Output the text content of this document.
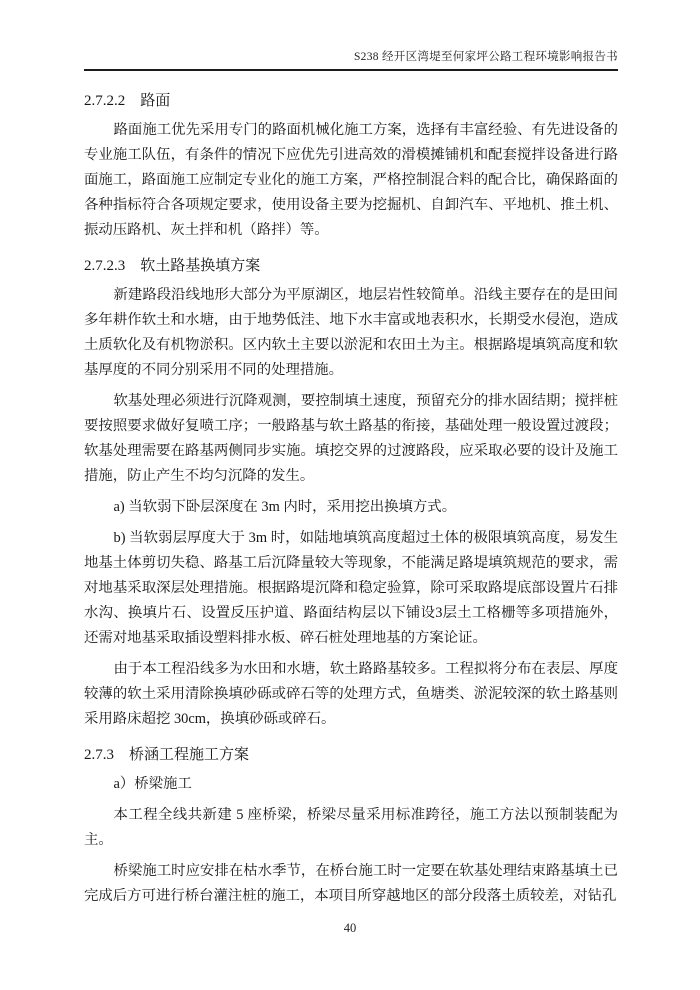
S238 经开区湾堤至何家坪公路工程环境影响报告书
2.7.2.2　路面

路面施工优先采用专门的路面机械化施工方案，选择有丰富经验、有先进设备的专业施工队伍，有条件的情况下应优先引进高效的滑模摊铺机和配套搅拌设备进行路面施工，路面施工应制定专业化的施工方案，严格控制混合料的配合比，确保路面的各种指标符合各项规定要求，使用设备主要为挖掘机、自卸汽车、平地机、推土机、振动压路机、灰土拌和机（路拌）等。

2.7.2.3　软土路基换填方案

新建路段沿线地形大部分为平原湖区，地层岩性较简单。沿线主要存在的是田间多年耕作软土和水塘，由于地势低洼、地下水丰富或地表积水，长期受水侵泡，造成土质软化及有机物淤积。区内软土主要以淤泥和农田土为主。根据路堤填筑高度和软基厚度的不同分别采用不同的处理措施。

软基处理必须进行沉降观测，要控制填土速度，预留充分的排水固结期；搅拌桩要按照要求做好复喷工序；一般路基与软土路基的衔接，基础处理一般设置过渡段；软基处理需要在路基两侧同步实施。填挖交界的过渡路段，应采取必要的设计及施工措施，防止产生不均匀沉降的发生。

a) 当软弱下卧层深度在 3m 内时，采用挖出换填方式。

b) 当软弱层厚度大于 3m 时，如陆地填筑高度超过土体的极限填筑高度，易发生地基土体剪切失稳、路基工后沉降量较大等现象，不能满足路堤填筑规范的要求，需对地基采取深层处理措施。根据路堤沉降和稳定验算，除可采取路堤底部设置片石排水沟、换填片石、设置反压护道、路面结构层以下铺设3层土工格栅等多项措施外，还需对地基采取插设塑料排水板、碎石桩处理地基的方案论证。

由于本工程沿线多为水田和水塘，软土路路基较多。工程拟将分布在表层、厚度较薄的软土采用清除换填砂砾或碎石等的处理方式，鱼塘类、淤泥较深的软土路基则采用路床超挖 30cm，换填砂砾或碎石。

2.7.3　桥涵工程施工方案

a）桥梁施工

本工程全线共新建 5 座桥梁，桥梁尽量采用标准跨径，施工方法以预制装配为主。

桥梁施工时应安排在枯水季节，在桥台施工时一定要在软基处理结束路基填土已完成后方可进行桥台灌注桩的施工，本项目所穿越地区的部分段落土质较差，对钻孔

40
